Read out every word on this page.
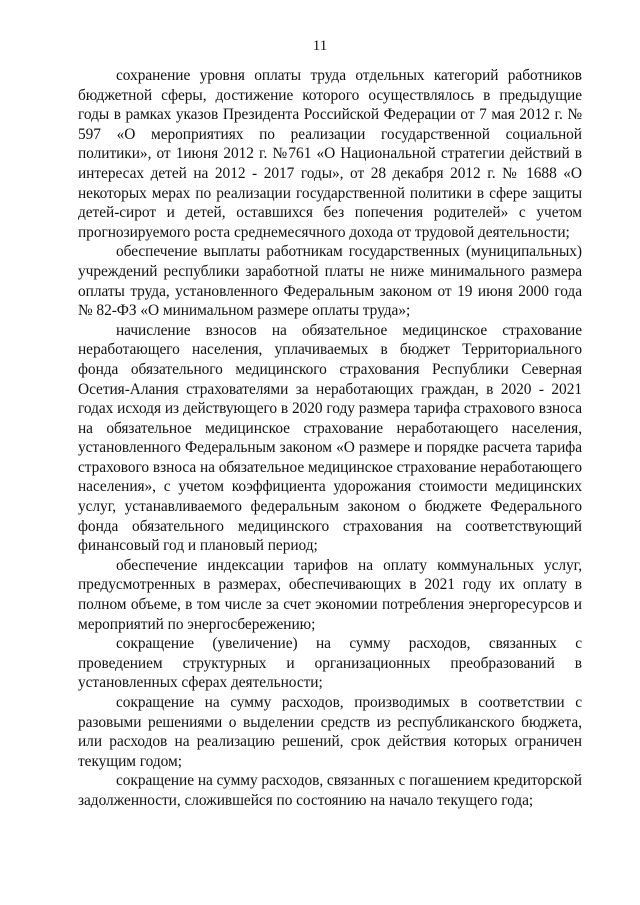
11

сохранение уровня оплаты труда отдельных категорий работников бюджетной сферы, достижение которого осуществлялось в предыдущие годы в рамках указов Президента Российской Федерации от 7 мая 2012 г. № 597 «О мероприятиях по реализации государственной социальной политики», от 1июня 2012 г. №761 «О Национальной стратегии действий в интересах детей на 2012 - 2017 годы», от 28 декабря 2012 г. № 1688 «О некоторых мерах по реализации государственной политики в сфере защиты детей-сирот и детей, оставшихся без попечения родителей» с учетом прогнозируемого роста среднемесячного дохода от трудовой деятельности;

обеспечение выплаты работникам государственных (муниципальных) учреждений республики заработной платы не ниже минимального размера оплаты труда, установленного Федеральным законом от 19 июня 2000 года № 82-ФЗ «О минимальном размере оплаты труда»;

начисление взносов на обязательное медицинское страхование неработающего населения, уплачиваемых в бюджет Территориального фонда обязательного медицинского страхования Республики Северная Осетия-Алания страхователями за неработающих граждан, в 2020 - 2021 годах исходя из действующего в 2020 году размера тарифа страхового взноса на обязательное медицинское страхование неработающего населения, установленного Федеральным законом «О размере и порядке расчета тарифа страхового взноса на обязательное медицинское страхование неработающего населения», с учетом коэффициента удорожания стоимости медицинских услуг, устанавливаемого федеральным законом о бюджете Федерального фонда обязательного медицинского страхования на соответствующий финансовый год и плановый период;

обеспечение индексации тарифов на оплату коммунальных услуг, предусмотренных в размерах, обеспечивающих в 2021 году их оплату в полном объеме, в том числе за счет экономии потребления энергоресурсов и мероприятий по энергосбережению;

сокращение (увеличение) на сумму расходов, связанных с проведением структурных и организационных преобразований в установленных сферах деятельности;

сокращение на сумму расходов, производимых в соответствии с разовыми решениями о выделении средств из республиканского бюджета, или расходов на реализацию решений, срок действия которых ограничен текущим годом;

сокращение на сумму расходов, связанных с погашением кредиторской задолженности, сложившейся по состоянию на начало текущего года;
